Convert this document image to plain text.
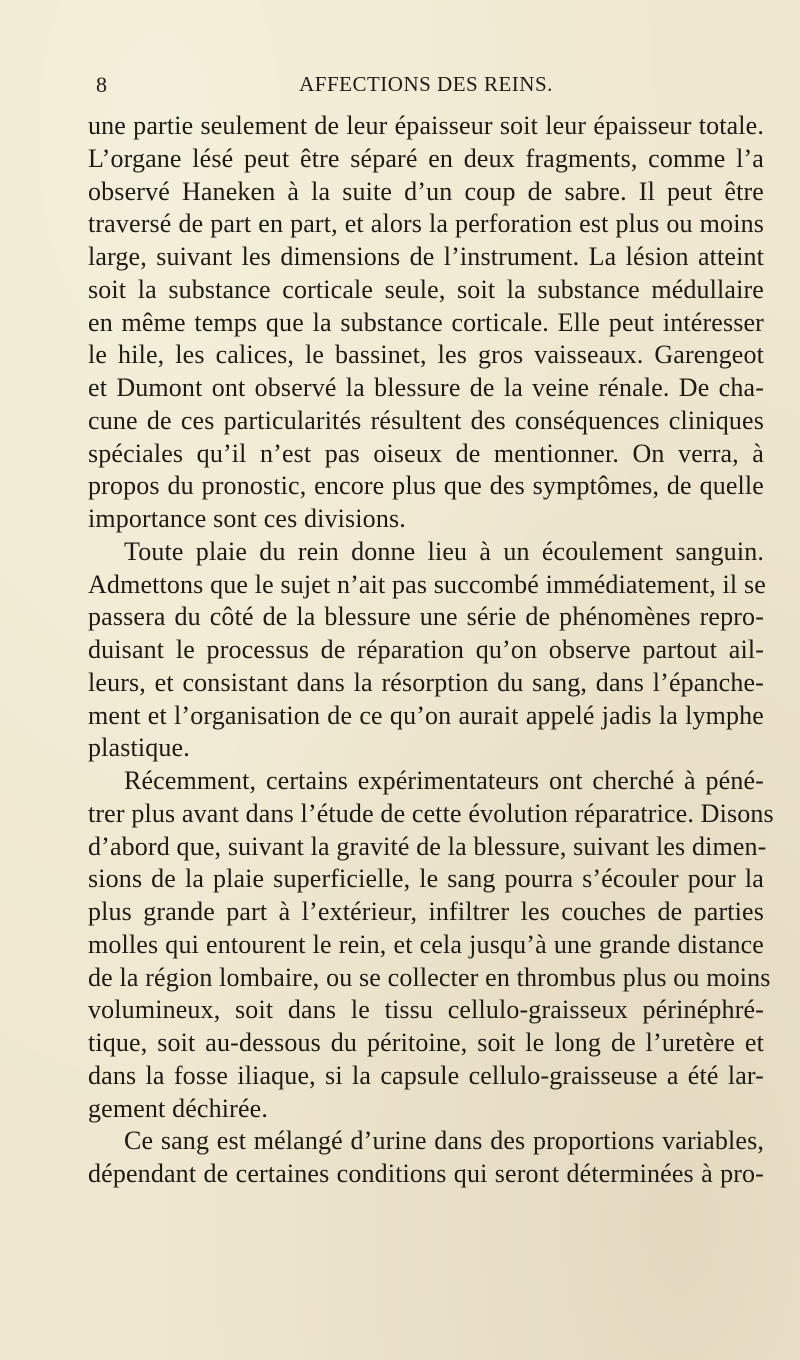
8	AFFECTIONS DES REINS.
une partie seulement de leur épaisseur soit leur épaisseur totale.
L’organe lésé peut être séparé en deux fragments, comme l’a
observé Haneken à la suite d’un coup de sabre. Il peut être
traversé de part en part, et alors la perforation est plus ou moins
large, suivant les dimensions de l’instrument. La lésion atteint
soit la substance corticale seule, soit la substance médullaire
en même temps que la substance corticale. Elle peut intéresser
le hile, les calices, le bassinet, les gros vaisseaux. Garengeot
et Dumont ont observé la blessure de la veine rénale. De cha-
cune de ces particularités résultent des conséquences cliniques
spéciales qu’il n’est pas oiseux de mentionner. On verra, à
propos du pronostic, encore plus que des symptômes, de quelle
importance sont ces divisions.
Toute plaie du rein donne lieu à un écoulement sanguin.
Admettons que le sujet n’ait pas succombé immédiatement, il se
passera du côté de la blessure une série de phénomènes repro-
duisant le processus de réparation qu’on observe partout ail-
leurs, et consistant dans la résorption du sang, dans l’épanche-
ment et l’organisation de ce qu’on aurait appelé jadis la lymphe
plastique.
Récemment, certains expérimentateurs ont cherché à péné-
trer plus avant dans l’étude de cette évolution réparatrice. Disons
d’abord que, suivant la gravité de la blessure, suivant les dimen-
sions de la plaie superficielle, le sang pourra s’écouler pour la
plus grande part à l’extérieur, infiltrer les couches de parties
molles qui entourent le rein, et cela jusqu’à une grande distance
de la région lombaire, ou se collecter en thrombus plus ou moins
volumineux, soit dans le tissu cellulo-graisseux périnéphré-
tique, soit au-dessous du péritoine, soit le long de l’uretère et
dans la fosse iliaque, si la capsule cellulo-graisseuse a été lar-
gement déchirée.
Ce sang est mélangé d’urine dans des proportions variables,
dépendant de certaines conditions qui seront déterminées à pro-
